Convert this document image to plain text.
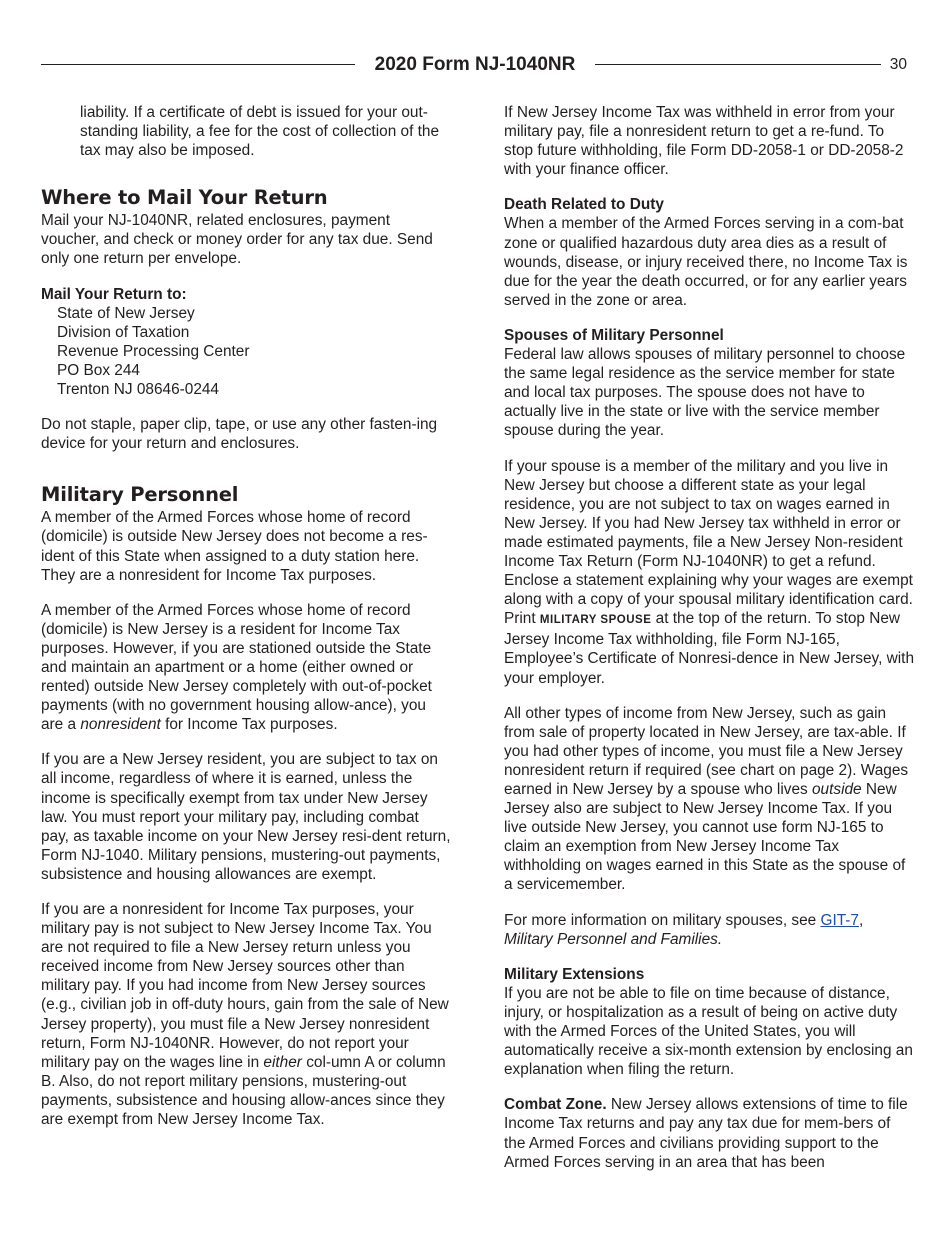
2020 Form NJ-1040NR	30

liability. If a certificate of debt is issued for your out-standing liability, a fee for the cost of collection of the tax may also be imposed.

Where to Mail Your Return

Mail your NJ-1040NR, related enclosures, payment voucher, and check or money order for any tax due. Send only one return per envelope.

Mail Your Return to:
State of New Jersey
Division of Taxation
Revenue Processing Center
PO Box 244
Trenton NJ 08646-0244

Do not staple, paper clip, tape, or use any other fasten-ing device for your return and enclosures.

Military Personnel

A member of the Armed Forces whose home of record (domicile) is outside New Jersey does not become a res-ident of this State when assigned to a duty station here. They are a nonresident for Income Tax purposes.

A member of the Armed Forces whose home of record (domicile) is New Jersey is a resident for Income Tax purposes. However, if you are stationed outside the State and maintain an apartment or a home (either owned or rented) outside New Jersey completely with out-of-pocket payments (with no government housing allow-ance), you are a nonresident for Income Tax purposes.

If you are a New Jersey resident, you are subject to tax on all income, regardless of where it is earned, unless the income is specifically exempt from tax under New Jersey law. You must report your military pay, including combat pay, as taxable income on your New Jersey resi-dent return, Form NJ-1040. Military pensions, mustering-out payments, subsistence and housing allowances are exempt.

If you are a nonresident for Income Tax purposes, your military pay is not subject to New Jersey Income Tax. You are not required to file a New Jersey return unless you received income from New Jersey sources other than military pay. If you had income from New Jersey sources (e.g., civilian job in off-duty hours, gain from the sale of New Jersey property), you must file a New Jersey nonresident return, Form NJ-1040NR. However, do not report your military pay on the wages line in either col-umn A or column B. Also, do not report military pensions, mustering-out payments, subsistence and housing allow-ances since they are exempt from New Jersey Income Tax.

If New Jersey Income Tax was withheld in error from your military pay, file a nonresident return to get a re-fund. To stop future withholding, file Form DD-2058-1 or DD-2058-2 with your finance officer.

Death Related to Duty

When a member of the Armed Forces serving in a com-bat zone or qualified hazardous duty area dies as a result of wounds, disease, or injury received there, no Income Tax is due for the year the death occurred, or for any earlier years served in the zone or area.

Spouses of Military Personnel

Federal law allows spouses of military personnel to choose the same legal residence as the service member for state and local tax purposes. The spouse does not have to actually live in the state or live with the service member spouse during the year.

If your spouse is a member of the military and you live in New Jersey but choose a different state as your legal residence, you are not subject to tax on wages earned in New Jersey. If you had New Jersey tax withheld in error or made estimated payments, file a New Jersey Non-resident Income Tax Return (Form NJ-1040NR) to get a refund. Enclose a statement explaining why your wages are exempt along with a copy of your spousal military identification card. Print MILITARY SPOUSE at the top of the return. To stop New Jersey Income Tax withholding, file Form NJ-165, Employee’s Certificate of Nonresi-dence in New Jersey, with your employer.

All other types of income from New Jersey, such as gain from sale of property located in New Jersey, are tax-able. If you had other types of income, you must file a New Jersey nonresident return if required (see chart on page 2). Wages earned in New Jersey by a spouse who lives outside New Jersey also are subject to New Jersey Income Tax. If you live outside New Jersey, you cannot use form NJ-165 to claim an exemption from New Jersey Income Tax withholding on wages earned in this State as the spouse of a servicemember.

For more information on military spouses, see GIT-7,
Military Personnel and Families.

Military Extensions

If you are not be able to file on time because of distance, injury, or hospitalization as a result of being on active duty with the Armed Forces of the United States, you will automatically receive a six-month extension by enclosing an explanation when filing the return.

Combat Zone. New Jersey allows extensions of time to file Income Tax returns and pay any tax due for mem-bers of the Armed Forces and civilians providing support to the Armed Forces serving in an area that has been
